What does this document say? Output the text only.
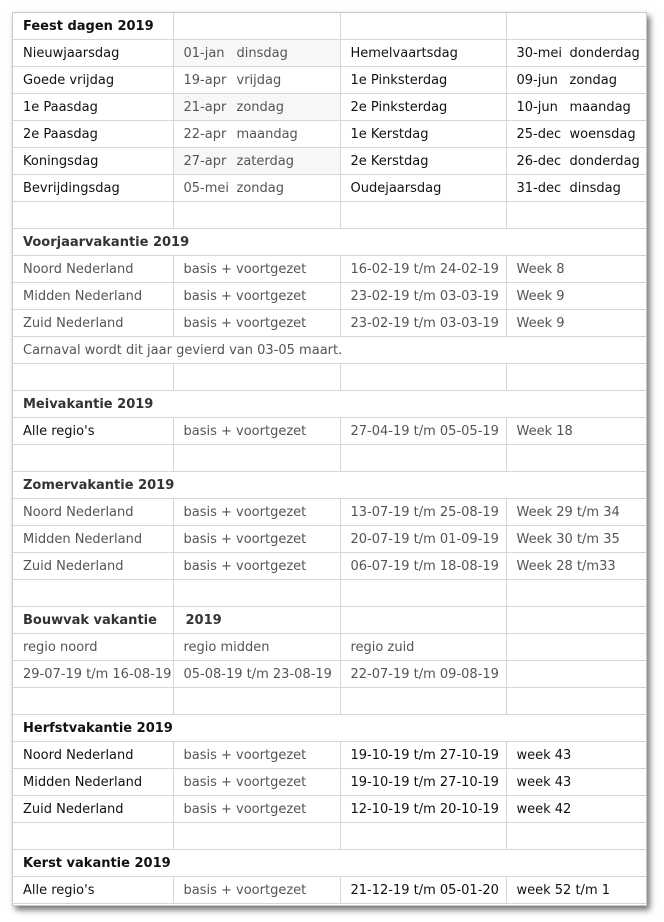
Feest dagen 2019			
Nieuwjaarsdag	01-jan dinsdag	Hemelvaartsdag	30-mei donderdag
Goede vrijdag	19-apr vrijdag	1e Pinksterdag	09-jun zondag
1e Paasdag	21-apr zondag	2e Pinksterdag	10-jun maandag
2e Paasdag	22-apr maandag	1e Kerstdag	25-dec woensdag
Koningsdag	27-apr zaterdag	2e Kerstdag	26-dec donderdag
Bevrijdingsdag	05-mei zondag	Oudejaarsdag	31-dec dinsdag

Voorjaarvakantie 2019			
Noord Nederland	basis + voortgezet	16-02-19 t/m 24-02-19	Week 8
Midden Nederland	basis + voortgezet	23-02-19 t/m 03-03-19	Week 9
Zuid Nederland	basis + voortgezet	23-02-19 t/m 03-03-19	Week 9
Carnaval wordt dit jaar gevierd van 03-05 maart.			

Meivakantie 2019			
Alle regio's	basis + voortgezet	27-04-19 t/m 05-05-19	Week 18

Zomervakantie 2019			
Noord Nederland	basis + voortgezet	13-07-19 t/m 25-08-19	Week 29 t/m 34
Midden Nederland	basis + voortgezet	20-07-19 t/m 01-09-19	Week 30 t/m 35
Zuid Nederland	basis + voortgezet	06-07-19 t/m 18-08-19	Week 28 t/m33

Bouwvak vakantie	2019		
regio noord	regio midden	regio zuid	
29-07-19 t/m 16-08-19	05-08-19 t/m 23-08-19	22-07-19 t/m 09-08-19	

Herfstvakantie 2019			
Noord Nederland	basis + voortgezet	19-10-19 t/m 27-10-19	week 43
Midden Nederland	basis + voortgezet	19-10-19 t/m 27-10-19	week 43
Zuid Nederland	basis + voortgezet	12-10-19 t/m 20-10-19	week 42

Kerst vakantie 2019			
Alle regio's	basis + voortgezet	21-12-19 t/m 05-01-20	week 52 t/m 1
